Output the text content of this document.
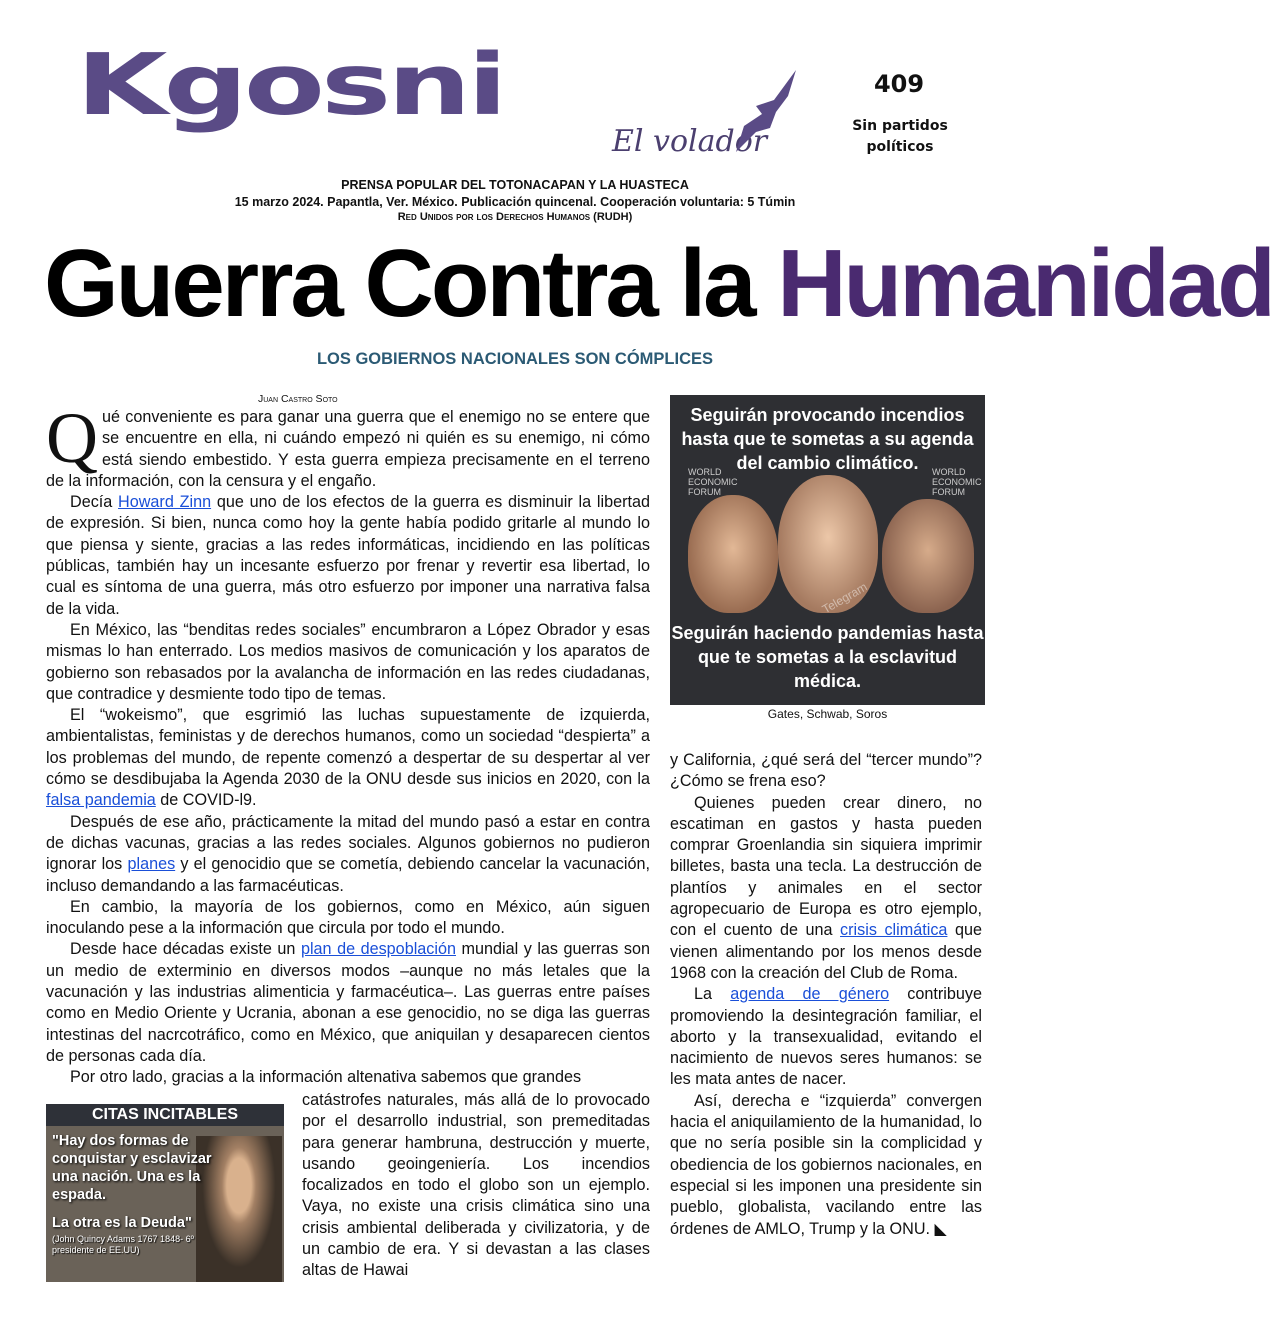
Kgosni
El volador
409
Sin partidos políticos
PRENSA POPULAR DEL TOTONACAPAN Y LA HUASTECA
15 marzo 2024. Papantla, Ver. México. Publicación quincenal. Cooperación voluntaria: 5 Túmin
Red Unidos por los Derechos Humanos (RUDH)
Guerra Contra la Humanidad
LOS GOBIERNOS NACIONALES SON CÓMPLICES
Juan Castro Soto

Qué conveniente es para ganar una guerra que el enemigo no se entere que se encuentre en ella, ni cuándo empezó ni quién es su enemigo, ni cómo está siendo embestido. Y esta guerra empieza precisamente en el terreno de la información, con la censura y el engaño.

Decía Howard Zinn que uno de los efectos de la guerra es disminuir la libertad de expresión. Si bien, nunca como hoy la gente había podido gritarle al mundo lo que piensa y siente, gracias a las redes informáticas, incidiendo en las políticas públicas, también hay un incesante esfuerzo por frenar y revertir esa libertad, lo cual es síntoma de una guerra, más otro esfuerzo por imponer una narrativa falsa de la vida.

En México, las “benditas redes sociales” encumbraron a López Obrador y esas mismas lo han enterrado. Los medios masivos de comunicación y los aparatos de gobierno son rebasados por la avalancha de información en las redes ciudadanas, que contradice y desmiente todo tipo de temas.

El “wokeismo”, que esgrimió las luchas supuestamente de izquierda, ambientalistas, feministas y de derechos humanos, como un sociedad “despierta” a los problemas del mundo, de repente comenzó a despertar de su despertar al ver cómo se desdibujaba la Agenda 2030 de la ONU desde sus inicios en 2020, con la falsa pandemia de COVID-l9.

Después de ese año, prácticamente la mitad del mundo pasó a estar en contra de dichas vacunas, gracias a las redes sociales. Algunos gobiernos no pudieron ignorar los planes y el genocidio que se cometía, debiendo cancelar la vacunación, incluso demandando a las farmacéuticas.

En cambio, la mayoría de los gobiernos, como en México, aún siguen inoculando pese a la información que circula por todo el mundo.

Desde hace décadas existe un plan de despoblación mundial y las guerras son un medio de exterminio en diversos modos –aunque no más letales que la vacunación y las industrias alimenticia y farmacéutica–. Las guerras entre países como en Medio Oriente y Ucrania, abonan a ese genocidio, no se diga las guerras intestinas del nacrcotráfico, como en México, que aniquilan y desaparecen cientos de personas cada día.

Por otro lado, gracias a la información altenativa sabemos que grandes

catástrofes naturales, más allá de lo provocado por el desarrollo industrial, son premeditadas para generar hambruna, destrucción y muerte, usando geoingeniería. Los incendios focalizados en todo el globo son un ejemplo. Vaya, no existe una crisis climática sino una crisis ambiental deliberada y civilizatoria, y de un cambio de era. Y si devastan a las clases altas de Hawai

Seguirán provocando incendios hasta que te sometas a su agenda del cambio climático.
WORLD ECONOMIC FORUM
WORLD ECONOMIC FORUM
Telegram
Seguirán haciendo pandemias hasta que te sometas a la esclavitud médica.
Gates, Schwab, Soros

y California, ¿qué será del “tercer mundo”? ¿Cómo se frena eso?

Quienes pueden crear dinero, no escatiman en gastos y hasta pueden comprar Groenlandia sin siquiera imprimir billetes, basta una tecla. La destrucción de plantíos y animales en el sector agropecuario de Europa es otro ejemplo, con el cuento de una crisis climática que vienen alimentando por los menos desde 1968 con la creación del Club de Roma.

La agenda de género contribuye promoviendo la desintegración familiar, el aborto y la transexualidad, evitando el nacimiento de nuevos seres humanos: se les mata antes de nacer.

Así, derecha e “izquierda” convergen hacia el aniquilamiento de la humanidad, lo que no sería posible sin la complicidad y obediencia de los gobiernos nacionales, en especial si les imponen una presidente sin pueblo, globalista, vacilando entre las órdenes de AMLO, Trump y la ONU. ◣

CITAS INCITABLES
"Hay dos formas de conquistar y esclavizar una nación. Una es la espada.
La otra es la Deuda"
(John Quincy Adams 1767 1848- 6º presidente de EE.UU)
